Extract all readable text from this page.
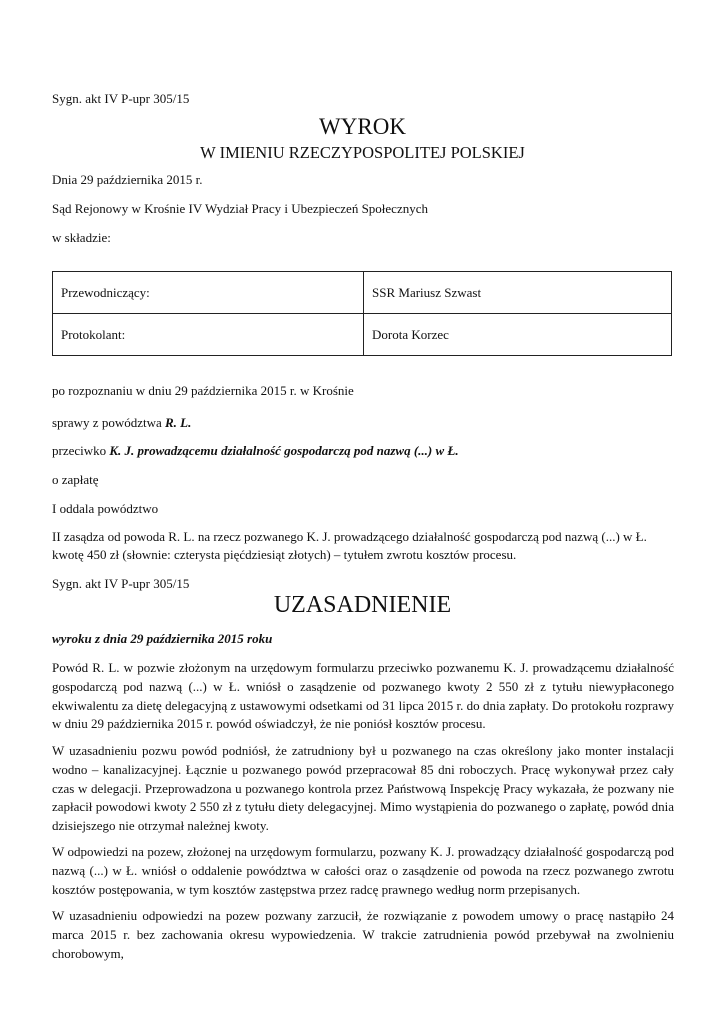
Sygn. akt IV P-upr 305/15
WYROK
W IMIENIU RZECZYPOSPOLITEJ POLSKIEJ
Dnia 29 października 2015 r.
Sąd Rejonowy w Krośnie IV Wydział Pracy i Ubezpieczeń Społecznych
w składzie:
Przewodniczący:	SSR Mariusz Szwast
Protokolant:	Dorota Korzec
po rozpoznaniu w dniu 29 października 2015 r. w Krośnie
sprawy z powództwa R. L.
przeciwko K. J. prowadzącemu działalność gospodarczą pod nazwą (...) w Ł.
o zapłatę
I oddala powództwo
II zasądza od powoda R. L. na rzecz pozwanego K. J. prowadzącego działalność gospodarczą pod nazwą (...) w Ł.
kwotę 450 zł (słownie: czterysta pięćdziesiąt złotych) – tytułem zwrotu kosztów procesu.
Sygn. akt IV P-upr 305/15
UZASADNIENIE
wyroku z dnia 29 października 2015 roku
Powód R. L. w pozwie złożonym na urzędowym formularzu przeciwko pozwanemu K. J. prowadzącemu działalność gospodarczą pod nazwą (...) w Ł. wniósł o zasądzenie od pozwanego kwoty 2 550 zł z tytułu niewypłaconego ekwiwalentu za dietę delegacyjną z ustawowymi odsetkami od 31 lipca 2015 r. do dnia zapłaty. Do protokołu rozprawy w dniu 29 października 2015 r. powód oświadczył, że nie poniósł kosztów procesu.
W uzasadnieniu pozwu powód podniósł, że zatrudniony był u pozwanego na czas określony jako monter instalacji wodno – kanalizacyjnej. Łącznie u pozwanego powód przepracował 85 dni roboczych. Pracę wykonywał przez cały czas w delegacji. Przeprowadzona u pozwanego kontrola przez Państwową Inspekcję Pracy wykazała, że pozwany nie zapłacił powodowi kwoty 2 550 zł z tytułu diety delegacyjnej. Mimo wystąpienia do pozwanego o zapłatę, powód dnia dzisiejszego nie otrzymał należnej kwoty.
W odpowiedzi na pozew, złożonej na urzędowym formularzu, pozwany K. J. prowadzący działalność gospodarczą pod nazwą (...) w Ł. wniósł o oddalenie powództwa w całości oraz o zasądzenie od powoda na rzecz pozwanego zwrotu kosztów postępowania, w tym kosztów zastępstwa przez radcę prawnego według norm przepisanych.
W uzasadnieniu odpowiedzi na pozew pozwany zarzucił, że rozwiązanie z powodem umowy o pracę nastąpiło 24 marca 2015 r. bez zachowania okresu wypowiedzenia. W trakcie zatrudnienia powód przebywał na zwolnieniu chorobowym,
